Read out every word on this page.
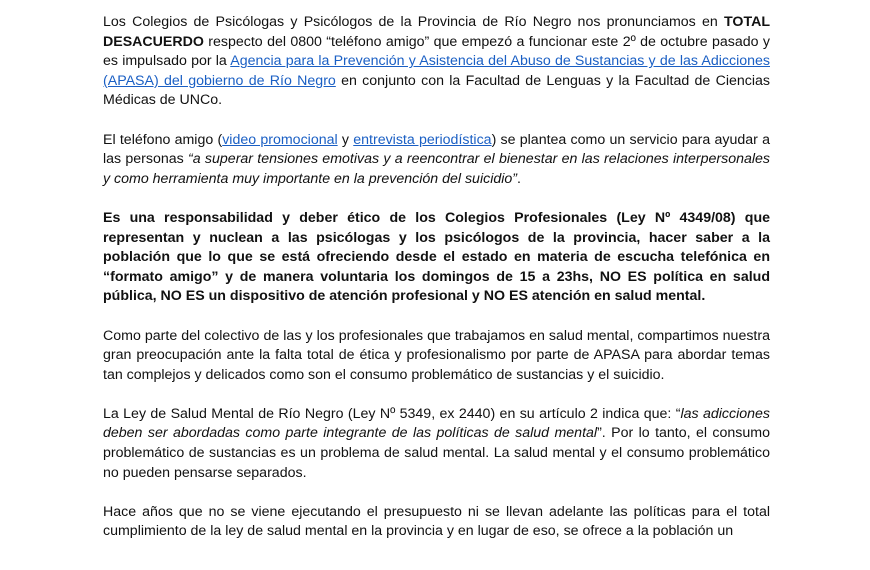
Los Colegios de Psicólogas y Psicólogos de la Provincia de Río Negro nos pronunciamos en TOTAL DESACUERDO respecto del 0800 “teléfono amigo” que empezó a funcionar este 2º de octubre pasado y es impulsado por la Agencia para la Prevención y Asistencia del Abuso de Sustancias y de las Adicciones (APASA) del gobierno de Río Negro en conjunto con la Facultad de Lenguas y la Facultad de Ciencias Médicas de UNCo.

El teléfono amigo (video promocional y entrevista periodística) se plantea como un servicio para ayudar a las personas “a superar tensiones emotivas y a reencontrar el bienestar en las relaciones interpersonales y como herramienta muy importante en la prevención del suicidio”.

Es una responsabilidad y deber ético de los Colegios Profesionales (Ley Nº 4349/08) que representan y nuclean a las psicólogas y los psicólogos de la provincia, hacer saber a la población que lo que se está ofreciendo desde el estado en materia de escucha telefónica en “formato amigo” y de manera voluntaria los domingos de 15 a 23hs, NO ES política en salud pública, NO ES un dispositivo de atención profesional y NO ES atención en salud mental.

Como parte del colectivo de las y los profesionales que trabajamos en salud mental, compartimos nuestra gran preocupación ante la falta total de ética y profesionalismo por parte de APASA para abordar temas tan complejos y delicados como son el consumo problemático de sustancias y el suicidio.

La Ley de Salud Mental de Río Negro (Ley Nº 5349, ex 2440) en su artículo 2 indica que: “las adicciones deben ser abordadas como parte integrante de las políticas de salud mental”. Por lo tanto, el consumo problemático de sustancias es un problema de salud mental. La salud mental y el consumo problemático no pueden pensarse separados.

Hace años que no se viene ejecutando el presupuesto ni se llevan adelante las políticas para el total cumplimiento de la ley de salud mental en la provincia y en lugar de eso, se ofrece a la población un
